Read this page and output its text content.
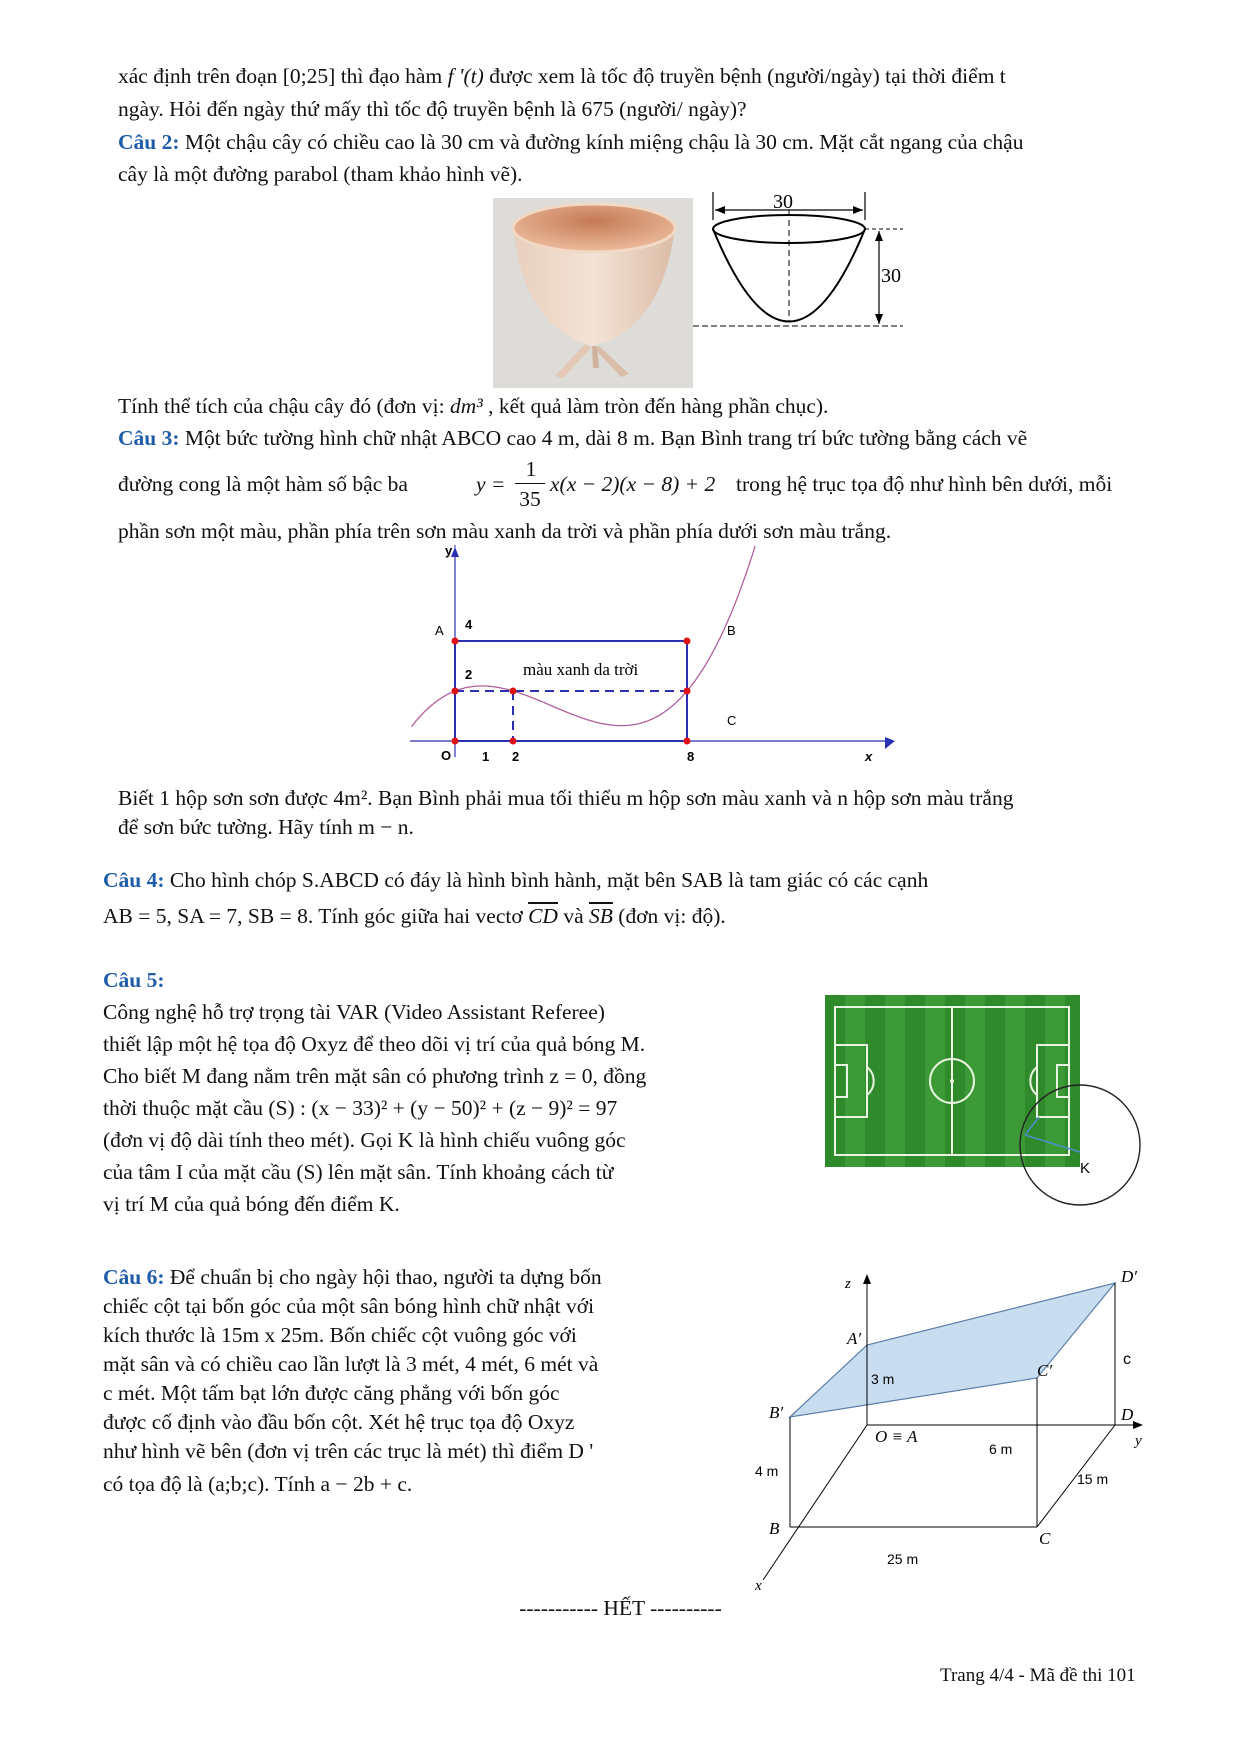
xác định trên đoạn [0;25] thì đạo hàm f '(t) được xem là tốc độ truyền bệnh (người/ngày) tại thời điểm t

ngày. Hỏi đến ngày thứ mấy thì tốc độ truyền bệnh là 675 (người/ ngày)?

Câu 2: Một chậu cây có chiều cao là 30 cm và đường kính miệng chậu là 30 cm. Mặt cắt ngang của chậu

cây là một đường parabol (tham khảo hình vẽ).

30
30

Tính thể tích của chậu cây đó (đơn vị: dm³ , kết quả làm tròn đến hàng phần chục).

Câu 3: Một bức tường hình chữ nhật ABCO cao 4 m, dài 8 m. Bạn Bình trang trí bức tường bằng cách vẽ

đường cong là một hàm số bậc ba	y =
1
35
x(x − 2)(x − 8) + 2 trong hệ trục tọa độ như hình bên dưới, mỗi

phần sơn một màu, phần phía trên sơn màu xanh da trời và phần phía dưới sơn màu trắng.

y
x
O
A	B
C
4
2
1 2	8
màu xanh da trời

Biết 1 hộp sơn sơn được 4m². Bạn Bình phải mua tối thiểu m hộp sơn màu xanh và n hộp sơn màu trắng

để sơn bức tường. Hãy tính m − n.

Câu 4: Cho hình chóp S.ABCD có đáy là hình bình hành, mặt bên SAB là tam giác có các cạnh

AB = 5, SA = 7, SB = 8. Tính góc giữa hai vectơ $\overline{CD}$ và $\overline{SB}$ (đơn vị: độ).

Câu 5:

Công nghệ hỗ trợ trọng tài VAR (Video Assistant Referee)
thiết lập một hệ tọa độ Oxyz để theo dõi vị trí của quả bóng M.
Cho biết M đang nằm trên mặt sân có phương trình z = 0, đồng
thời thuộc mặt cầu (S) : (x − 33)² + (y − 50)² + (z − 9)² = 97
(đơn vị độ dài tính theo mét). Gọi K là hình chiếu vuông góc
của tâm I của mặt cầu (S) lên mặt sân. Tính khoảng cách từ
vị trí M của quả bóng đến điểm K.
K
Câu 6: Để chuẩn bị cho ngày hội thao, người ta dựng bốn
chiếc cột tại bốn góc của một sân bóng hình chữ nhật với
kích thước là 15m x 25m. Bốn chiếc cột vuông góc với
mặt sân và có chiều cao lần lượt là 3 mét, 4 mét, 6 mét và
c mét. Một tấm bạt lớn được căng phẳng với bốn góc
được cố định vào đầu bốn cột. Xét hệ trục tọa độ Oxyz
như hình vẽ bên (đơn vị trên các trục là mét) thì điểm D '
có tọa độ là (a;b;c). Tính a − 2b + c.
z
y
x
D′
A′
C′
B′
O ≡ A
D
B
C
c
3 m
4 m
6 m
15 m
25 m

----------- HẾT ----------

Trang 4/4 - Mã đề thi 101
